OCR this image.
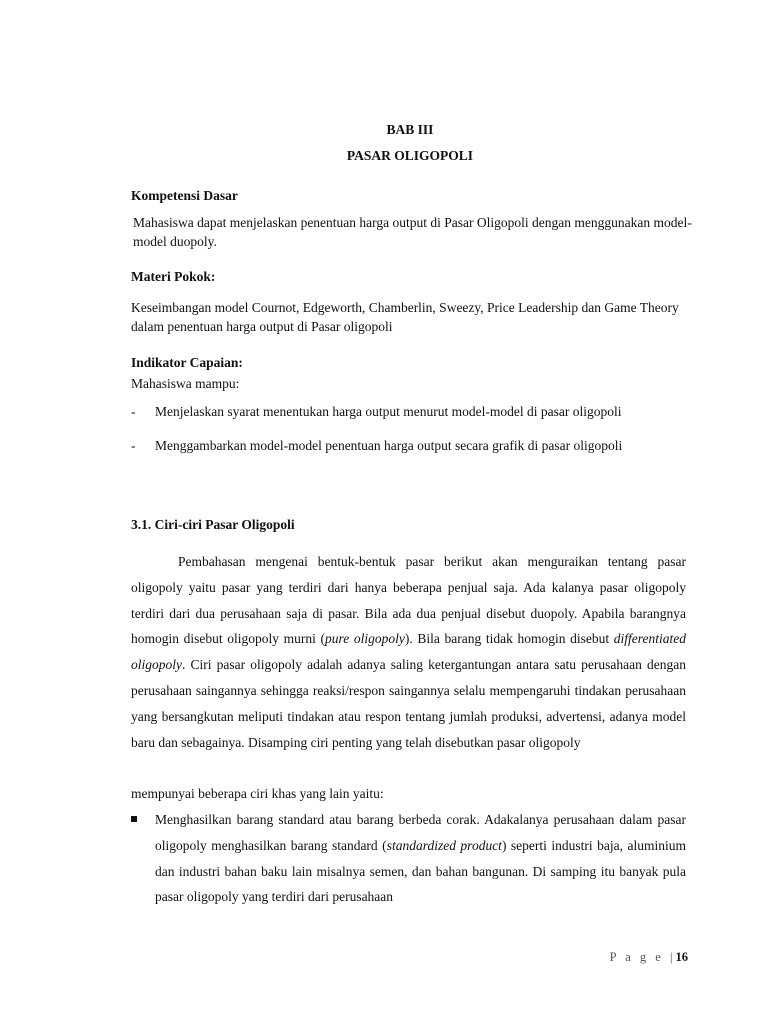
BAB III
PASAR OLIGOPOLI
Kompetensi Dasar
Mahasiswa dapat menjelaskan penentuan harga output di Pasar Oligopoli dengan menggunakan model-model duopoly.
Materi Pokok:
Keseimbangan model Cournot, Edgeworth, Chamberlin, Sweezy, Price Leadership dan Game Theory dalam penentuan harga output di Pasar oligopoli
Indikator Capaian:
Mahasiswa mampu:
- Menjelaskan syarat menentukan harga output menurut model-model di pasar oligopoli
- Menggambarkan model-model penentuan harga output secara grafik di pasar oligopoli
3.1. Ciri-ciri Pasar Oligopoli
Pembahasan mengenai bentuk-bentuk pasar berikut akan menguraikan tentang pasar oligopoly yaitu pasar yang terdiri dari hanya beberapa penjual saja. Ada kalanya pasar oligopoly terdiri dari dua perusahaan saja di pasar. Bila ada dua penjual disebut duopoly. Apabila barangnya homogin disebut oligopoly murni (pure oligopoly). Bila barang tidak homogin disebut differentiated oligopoly. Ciri pasar oligopoly adalah adanya saling ketergantungan antara satu perusahaan dengan perusahaan saingannya sehingga reaksi/respon saingannya selalu mempengaruhi tindakan perusahaan yang bersangkutan meliputi tindakan atau respon tentang jumlah produksi, advertensi, adanya model baru dan sebagainya. Disamping ciri penting yang telah disebutkan pasar oligopoly
mempunyai beberapa ciri khas yang lain yaitu:
Menghasilkan barang standard atau barang berbeda corak. Adakalanya perusahaan dalam pasar oligopoly menghasilkan barang standard (standardized product) seperti industri baja, aluminium dan industri bahan baku lain misalnya semen, dan bahan bangunan. Di samping itu banyak pula pasar oligopoly yang terdiri dari perusahaan
P a g e |16
